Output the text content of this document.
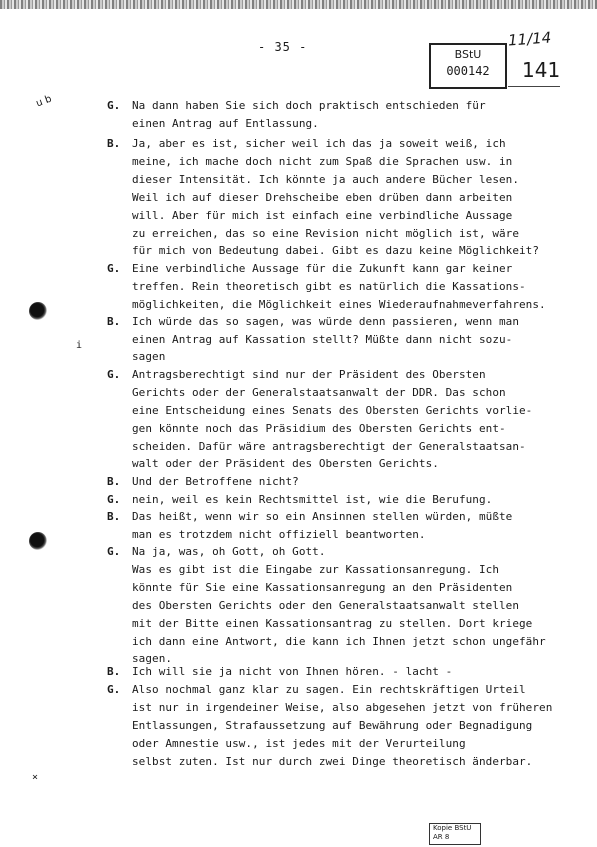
- 35 -
BStU
000142
11/14
141
u b	G.
B.
G.
B.
G.
B.
G.
B.
G.
B.
G.
Na dann haben Sie sich doch praktisch entschieden für
einen Antrag auf Entlassung.
Ja, aber es ist, sicher weil ich das ja soweit weiß, ich
meine, ich mache doch nicht zum Spaß die Sprachen usw. in
dieser Intensität. Ich könnte ja auch andere Bücher lesen.
Weil ich auf dieser Drehscheibe eben drüben dann arbeiten
will. Aber für mich ist einfach eine verbindliche Aussage
zu erreichen, das so eine Revision nicht möglich ist, wäre
für mich von Bedeutung dabei. Gibt es dazu keine Möglichkeit?
Eine verbindliche Aussage für die Zukunft kann gar keiner
treffen. Rein theoretisch gibt es natürlich die Kassations-
möglichkeiten, die Möglichkeit eines Wiederaufnahmeverfahrens.
Ich würde das so sagen, was würde denn passieren, wenn man
einen Antrag auf Kassation stellt? Müßte dann nicht sozu-
sagen
Antragsberechtigt sind nur der Präsident des Obersten
Gerichts oder der Generalstaatsanwalt der DDR. Das schon
eine Entscheidung eines Senats des Obersten Gerichts vorlie-
gen könnte noch das Präsidium des Obersten Gerichts ent-
scheiden. Dafür wäre antragsberechtigt der Generalstaatsan-
walt oder der Präsident des Obersten Gerichts.
Und der Betroffene nicht?
nein, weil es kein Rechtsmittel ist, wie die Berufung.
Das heißt, wenn wir so ein Ansinnen stellen würden, müßte
man es trotzdem nicht offiziell beantworten.
Na ja, was, oh Gott, oh Gott.
Was es gibt ist die Eingabe zur Kassationsanregung. Ich
könnte für Sie eine Kassationsanregung an den Präsidenten
des Obersten Gerichts oder den Generalstaatsanwalt stellen
mit der Bitte einen Kassationsantrag zu stellen. Dort kriege
ich dann eine Antwort, die kann ich Ihnen jetzt schon ungefähr
sagen.
Ich will sie ja nicht von Ihnen hören. - lacht -
Also nochmal ganz klar zu sagen. Ein rechtskräftigen Urteil
ist nur in irgendeiner Weise, also abgesehen jetzt von früheren
Entlassungen, Strafaussetzung auf Bewährung oder Begnadigung
oder Amnestie usw., ist jedes mit der Verurteilung
selbst zuten. Ist nur durch zwei Dinge theoretisch änderbar.
i
×
Kopie BStU
AR 8
